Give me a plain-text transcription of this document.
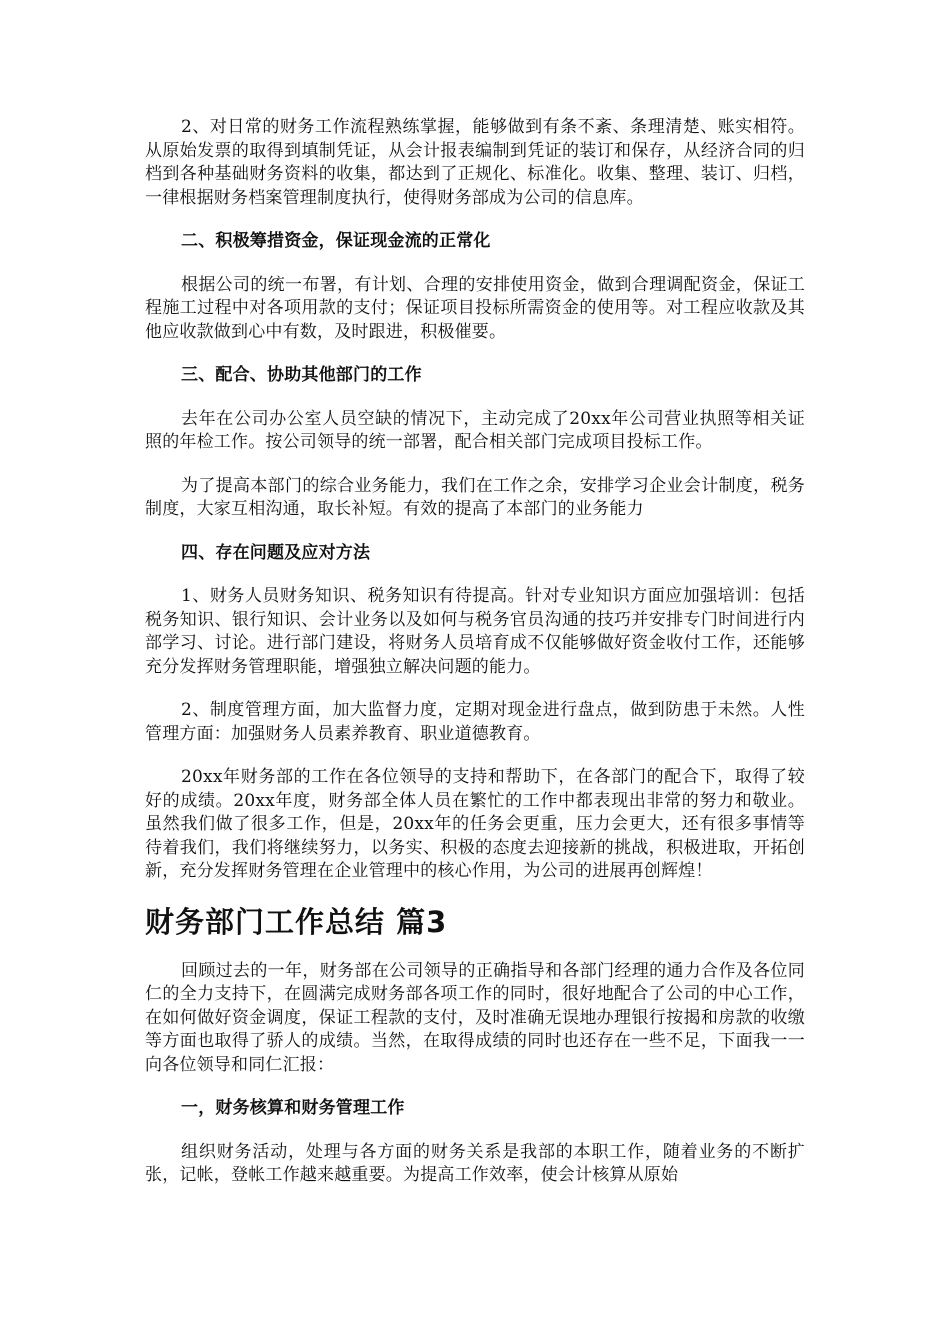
2、对日常的财务工作流程熟练掌握，能够做到有条不紊、条理清楚、账实相符。从原始发票的取得到填制凭证，从会计报表编制到凭证的装订和保存，从经济合同的归档到各种基础财务资料的收集，都达到了正规化、标准化。收集、整理、装订、归档，一律根据财务档案管理制度执行，使得财务部成为公司的信息库。

二、积极筹措资金，保证现金流的正常化

根据公司的统一布署，有计划、合理的安排使用资金，做到合理调配资金，保证工程施工过程中对各项用款的支付；保证项目投标所需资金的使用等。对工程应收款及其他应收款做到心中有数，及时跟进，积极催要。

三、配合、协助其他部门的工作

去年在公司办公室人员空缺的情况下，主动完成了20xx年公司营业执照等相关证照的年检工作。按公司领导的统一部署，配合相关部门完成项目投标工作。

为了提高本部门的综合业务能力，我们在工作之余，安排学习企业会计制度，税务制度，大家互相沟通，取长补短。有效的提高了本部门的业务能力

四、存在问题及应对方法

1、财务人员财务知识、税务知识有待提高。针对专业知识方面应加强培训：包括税务知识、银行知识、会计业务以及如何与税务官员沟通的技巧并安排专门时间进行内部学习、讨论。进行部门建设，将财务人员培育成不仅能够做好资金收付工作，还能够充分发挥财务管理职能，增强独立解决问题的能力。

2、制度管理方面，加大监督力度，定期对现金进行盘点，做到防患于未然。人性管理方面：加强财务人员素养教育、职业道德教育。

20xx年财务部的工作在各位领导的支持和帮助下，在各部门的配合下，取得了较好的成绩。20xx年度，财务部全体人员在繁忙的工作中都表现出非常的努力和敬业。虽然我们做了很多工作，但是，20xx年的任务会更重，压力会更大，还有很多事情等待着我们，我们将继续努力，以务实、积极的态度去迎接新的挑战，积极进取，开拓创新，充分发挥财务管理在企业管理中的核心作用，为公司的进展再创辉煌！

财务部门工作总结 篇3

回顾过去的一年，财务部在公司领导的正确指导和各部门经理的通力合作及各位同仁的全力支持下，在圆满完成财务部各项工作的同时，很好地配合了公司的中心工作，在如何做好资金调度，保证工程款的支付，及时准确无误地办理银行按揭和房款的收缴等方面也取得了骄人的成绩。当然，在取得成绩的同时也还存在一些不足，下面我一一向各位领导和同仁汇报：

一，财务核算和财务管理工作

组织财务活动，处理与各方面的财务关系是我部的本职工作，随着业务的不断扩张，记帐，登帐工作越来越重要。为提高工作效率，使会计核算从原始
